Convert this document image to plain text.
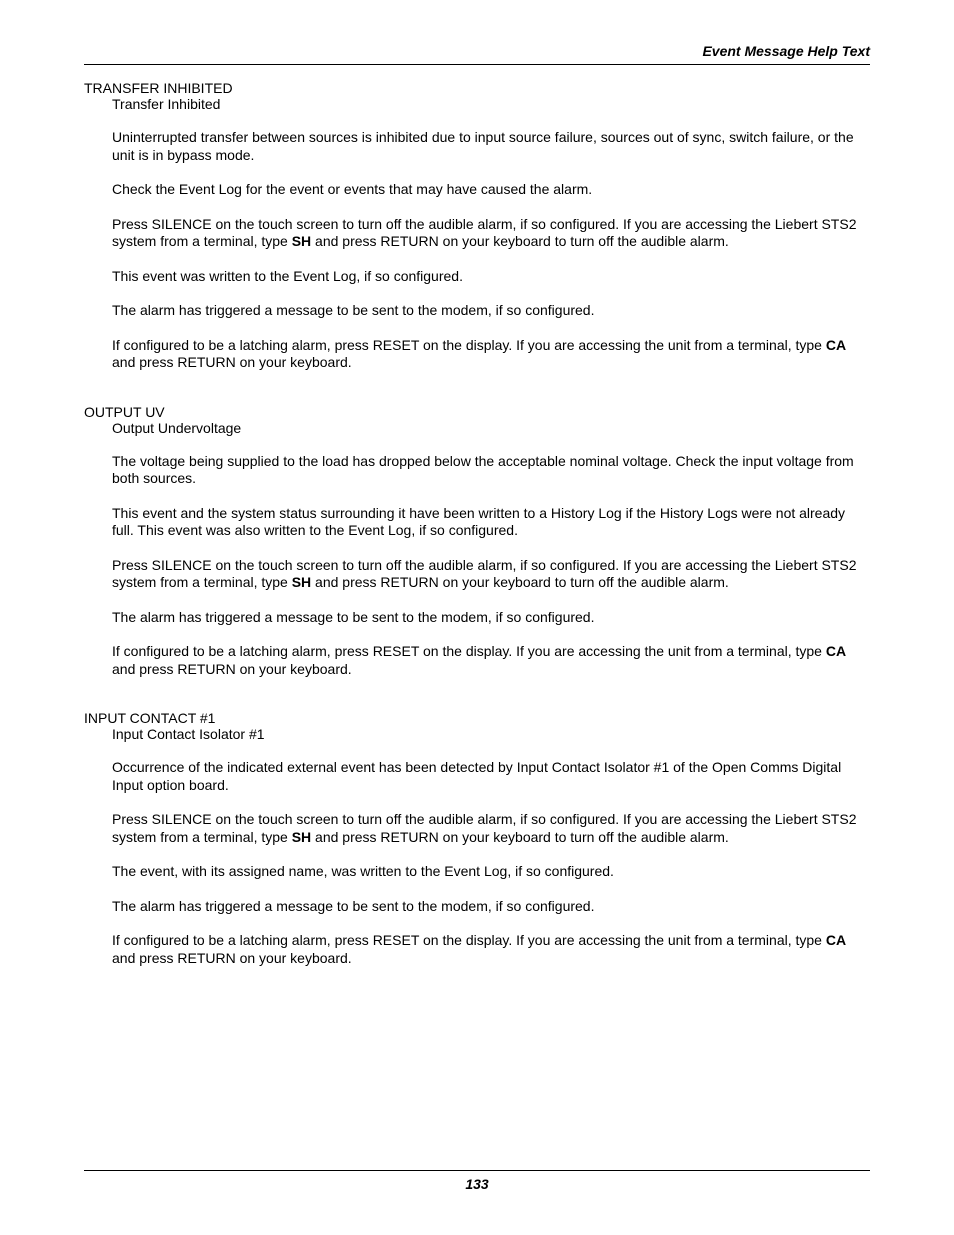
Event Message Help Text
TRANSFER INHIBITED
Transfer Inhibited
Uninterrupted transfer between sources is inhibited due to input source failure, sources out of sync, switch failure, or the unit is in bypass mode.
Check the Event Log for the event or events that may have caused the alarm.
Press SILENCE on the touch screen to turn off the audible alarm, if so configured. If you are accessing the Liebert STS2 system from a terminal, type SH and press RETURN on your keyboard to turn off the audible alarm.
This event was written to the Event Log, if so configured.
The alarm has triggered a message to be sent to the modem, if so configured.
If configured to be a latching alarm, press RESET on the display. If you are accessing the unit from a terminal, type CA and press RETURN on your keyboard.
OUTPUT UV
Output Undervoltage
The voltage being supplied to the load has dropped below the acceptable nominal voltage. Check the input voltage from both sources.
This event and the system status surrounding it have been written to a History Log if the History Logs were not already full. This event was also written to the Event Log, if so configured.
Press SILENCE on the touch screen to turn off the audible alarm, if so configured. If you are accessing the Liebert STS2 system from a terminal, type SH and press RETURN on your keyboard to turn off the audible alarm.
The alarm has triggered a message to be sent to the modem, if so configured.
If configured to be a latching alarm, press RESET on the display. If you are accessing the unit from a terminal, type CA and press RETURN on your keyboard.
INPUT CONTACT #1
Input Contact Isolator #1
Occurrence of the indicated external event has been detected by Input Contact Isolator #1 of the Open Comms Digital Input option board.
Press SILENCE on the touch screen to turn off the audible alarm, if so configured. If you are accessing the Liebert STS2 system from a terminal, type SH and press RETURN on your keyboard to turn off the audible alarm.
The event, with its assigned name, was written to the Event Log, if so configured.
The alarm has triggered a message to be sent to the modem, if so configured.
If configured to be a latching alarm, press RESET on the display. If you are accessing the unit from a terminal, type CA and press RETURN on your keyboard.
133
